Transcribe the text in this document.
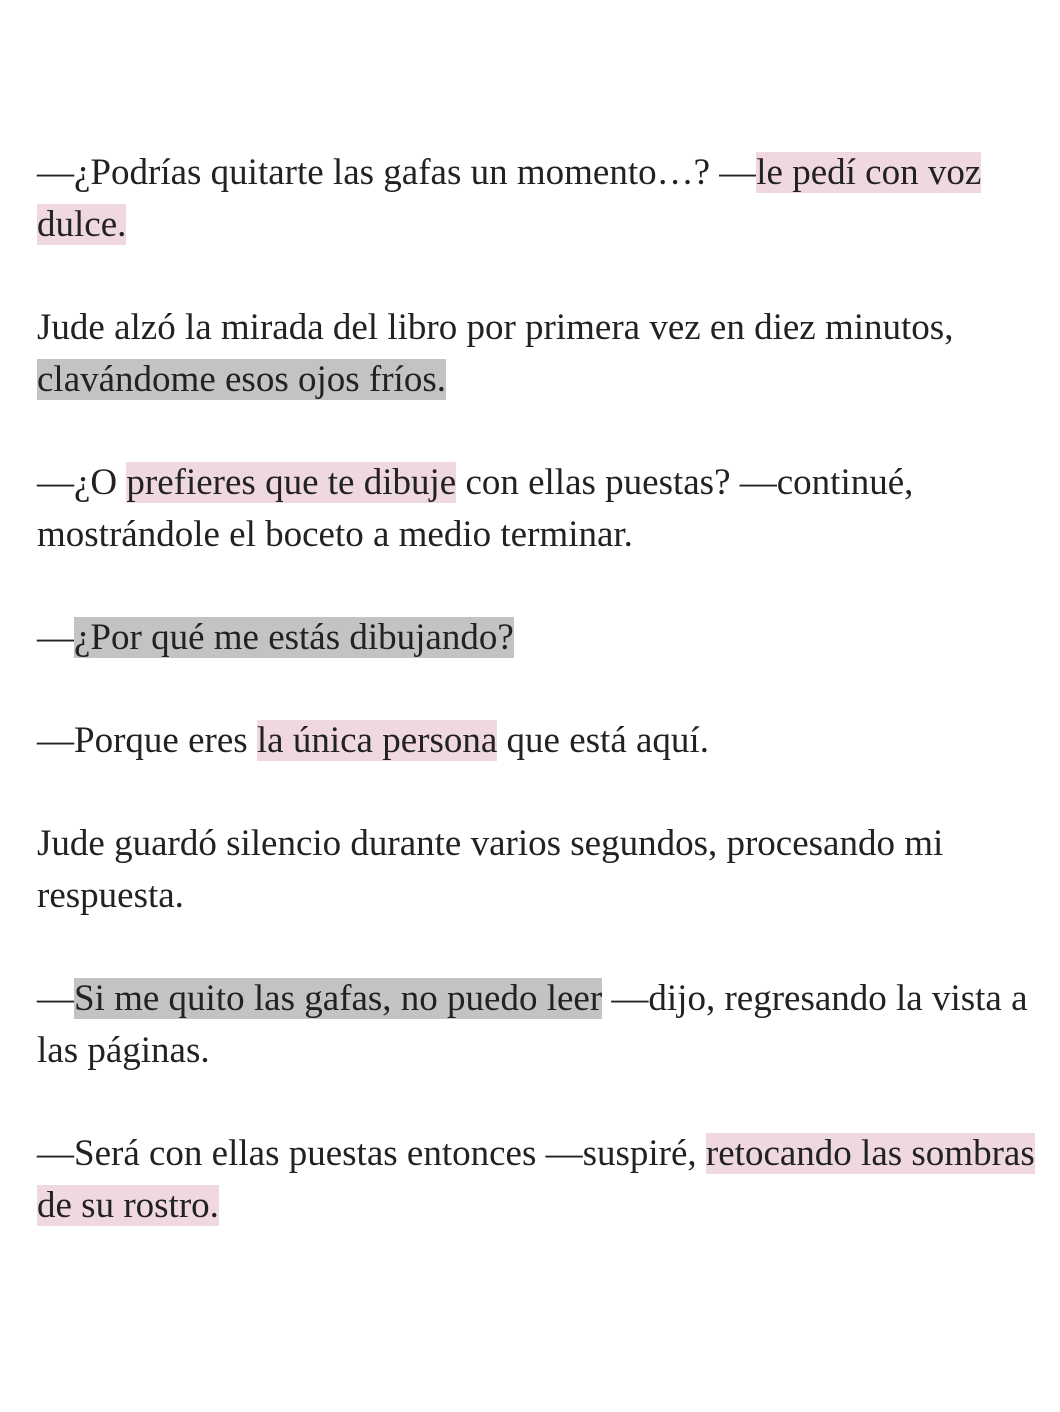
—¿Podrías quitarte las gafas un momento…? —le pedí con voz dulce.

Jude alzó la mirada del libro por primera vez en diez minutos, clavándome esos ojos fríos.

—¿O prefieres que te dibuje con ellas puestas? —continué, mostrándole el boceto a medio terminar.

—¿Por qué me estás dibujando?

—Porque eres la única persona que está aquí.

Jude guardó silencio durante varios segundos, procesando mi respuesta.

—Si me quito las gafas, no puedo leer —dijo, regresando la vista a las páginas.

—Será con ellas puestas entonces —suspiré, retocando las sombras de su rostro.
